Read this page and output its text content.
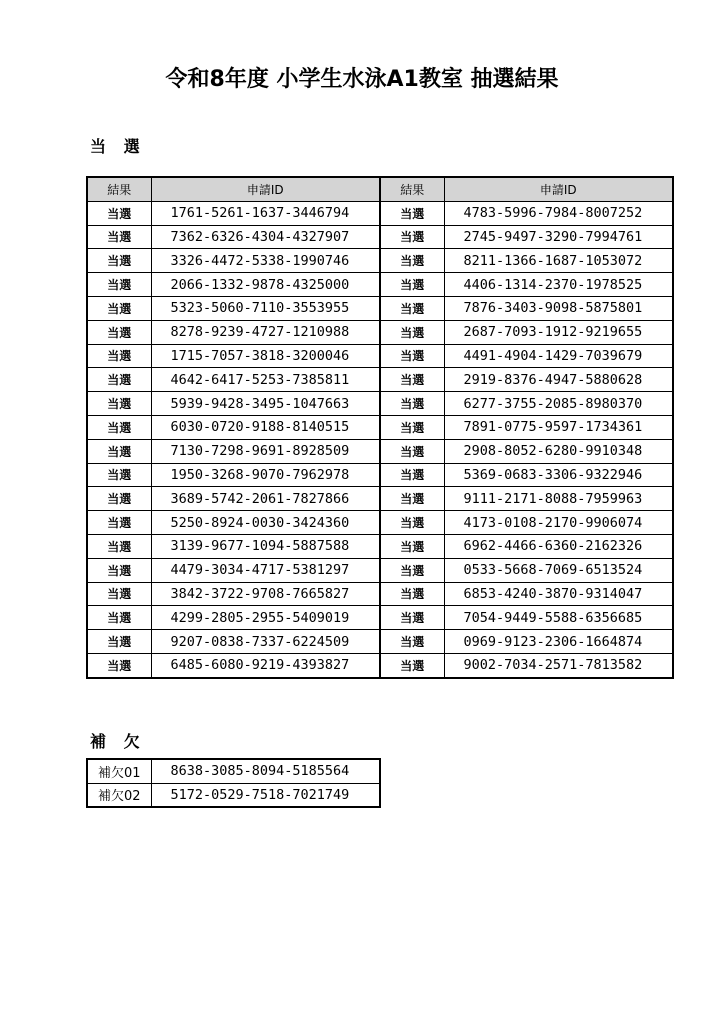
令和8年度 小学生水泳A1教室 抽選結果
当 選
結果	申請ID	結果	申請ID
当選	1761-5261-1637-3446794	当選	4783-5996-7984-8007252
当選	7362-6326-4304-4327907	当選	2745-9497-3290-7994761
当選	3326-4472-5338-1990746	当選	8211-1366-1687-1053072
当選	2066-1332-9878-4325000	当選	4406-1314-2370-1978525
当選	5323-5060-7110-3553955	当選	7876-3403-9098-5875801
当選	8278-9239-4727-1210988	当選	2687-7093-1912-9219655
当選	1715-7057-3818-3200046	当選	4491-4904-1429-7039679
当選	4642-6417-5253-7385811	当選	2919-8376-4947-5880628
当選	5939-9428-3495-1047663	当選	6277-3755-2085-8980370
当選	6030-0720-9188-8140515	当選	7891-0775-9597-1734361
当選	7130-7298-9691-8928509	当選	2908-8052-6280-9910348
当選	1950-3268-9070-7962978	当選	5369-0683-3306-9322946
当選	3689-5742-2061-7827866	当選	9111-2171-8088-7959963
当選	5250-8924-0030-3424360	当選	4173-0108-2170-9906074
当選	3139-9677-1094-5887588	当選	6962-4466-6360-2162326
当選	4479-3034-4717-5381297	当選	0533-5668-7069-6513524
当選	3842-3722-9708-7665827	当選	6853-4240-3870-9314047
当選	4299-2805-2955-5409019	当選	7054-9449-5588-6356685
当選	9207-0838-7337-6224509	当選	0969-9123-2306-1664874
当選	6485-6080-9219-4393827	当選	9002-7034-2571-7813582
補 欠
補欠01	8638-3085-8094-5185564
補欠02	5172-0529-7518-7021749
